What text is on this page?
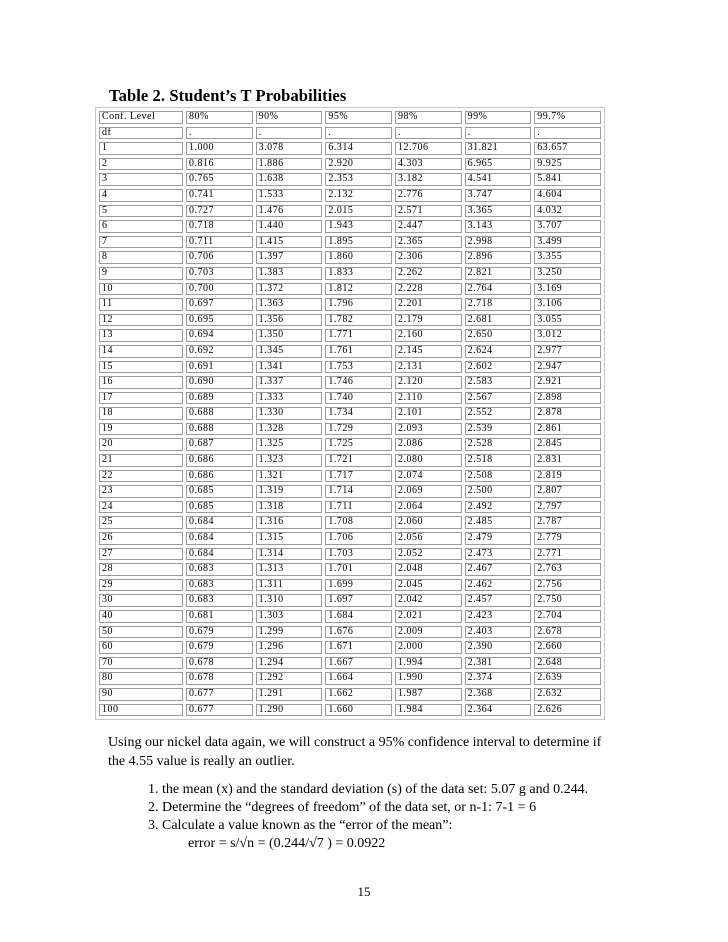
Table 2. Student’s T Probabilities
Conf. Level	80%	90%	95%	98%	99%	99.7%
df	.	.	.	.	.	.
1	1.000	3.078	6.314	12.706	31.821	63.657
2	0.816	1.886	2.920	4.303	6.965	9.925
3	0.765	1.638	2.353	3.182	4.541	5.841
4	0.741	1.533	2.132	2.776	3.747	4.604
5	0.727	1.476	2.015	2.571	3.365	4.032
6	0.718	1.440	1.943	2.447	3.143	3.707
7	0.711	1.415	1.895	2.365	2.998	3.499
8	0.706	1.397	1.860	2.306	2.896	3.355
9	0.703	1.383	1.833	2.262	2.821	3.250
10	0.700	1.372	1.812	2.228	2.764	3.169
11	0.697	1.363	1.796	2.201	2.718	3.106
12	0.695	1.356	1.782	2.179	2.681	3.055
13	0.694	1.350	1.771	2.160	2.650	3.012
14	0.692	1.345	1.761	2.145	2.624	2.977
15	0.691	1.341	1.753	2.131	2.602	2.947
16	0.690	1.337	1.746	2.120	2.583	2.921
17	0.689	1.333	1.740	2.110	2.567	2.898
18	0.688	1.330	1.734	2.101	2.552	2.878
19	0.688	1.328	1.729	2.093	2.539	2.861
20	0.687	1.325	1.725	2.086	2.528	2.845
21	0.686	1.323	1.721	2.080	2.518	2.831
22	0.686	1.321	1.717	2.074	2.508	2.819
23	0.685	1.319	1.714	2.069	2.500	2.807
24	0.685	1.318	1.711	2.064	2.492	2.797
25	0.684	1.316	1.708	2.060	2.485	2.787
26	0.684	1.315	1.706	2.056	2.479	2.779
27	0.684	1.314	1.703	2.052	2.473	2.771
28	0.683	1.313	1.701	2.048	2.467	2.763
29	0.683	1.311	1.699	2.045	2.462	2.756
30	0.683	1.310	1.697	2.042	2.457	2.750
40	0.681	1.303	1.684	2.021	2.423	2.704
50	0.679	1.299	1.676	2.009	2.403	2.678
60	0.679	1.296	1.671	2.000	2.390	2.660
70	0.678	1.294	1.667	1.994	2.381	2.648
80	0.678	1.292	1.664	1.990	2.374	2.639
90	0.677	1.291	1.662	1.987	2.368	2.632
100	0.677	1.290	1.660	1.984	2.364	2.626
Using our nickel data again, we will construct a 95% confidence interval to determine if
the 4.55 value is really an outlier.
1. the mean (x) and the standard deviation (s) of the data set: 5.07 g and 0.244.
2. Determine the “degrees of freedom” of the data set, or n-1: 7-1 = 6
3. Calculate a value known as the “error of the mean”:
error = s/√n = (0.244/√7 ) = 0.0922
15
